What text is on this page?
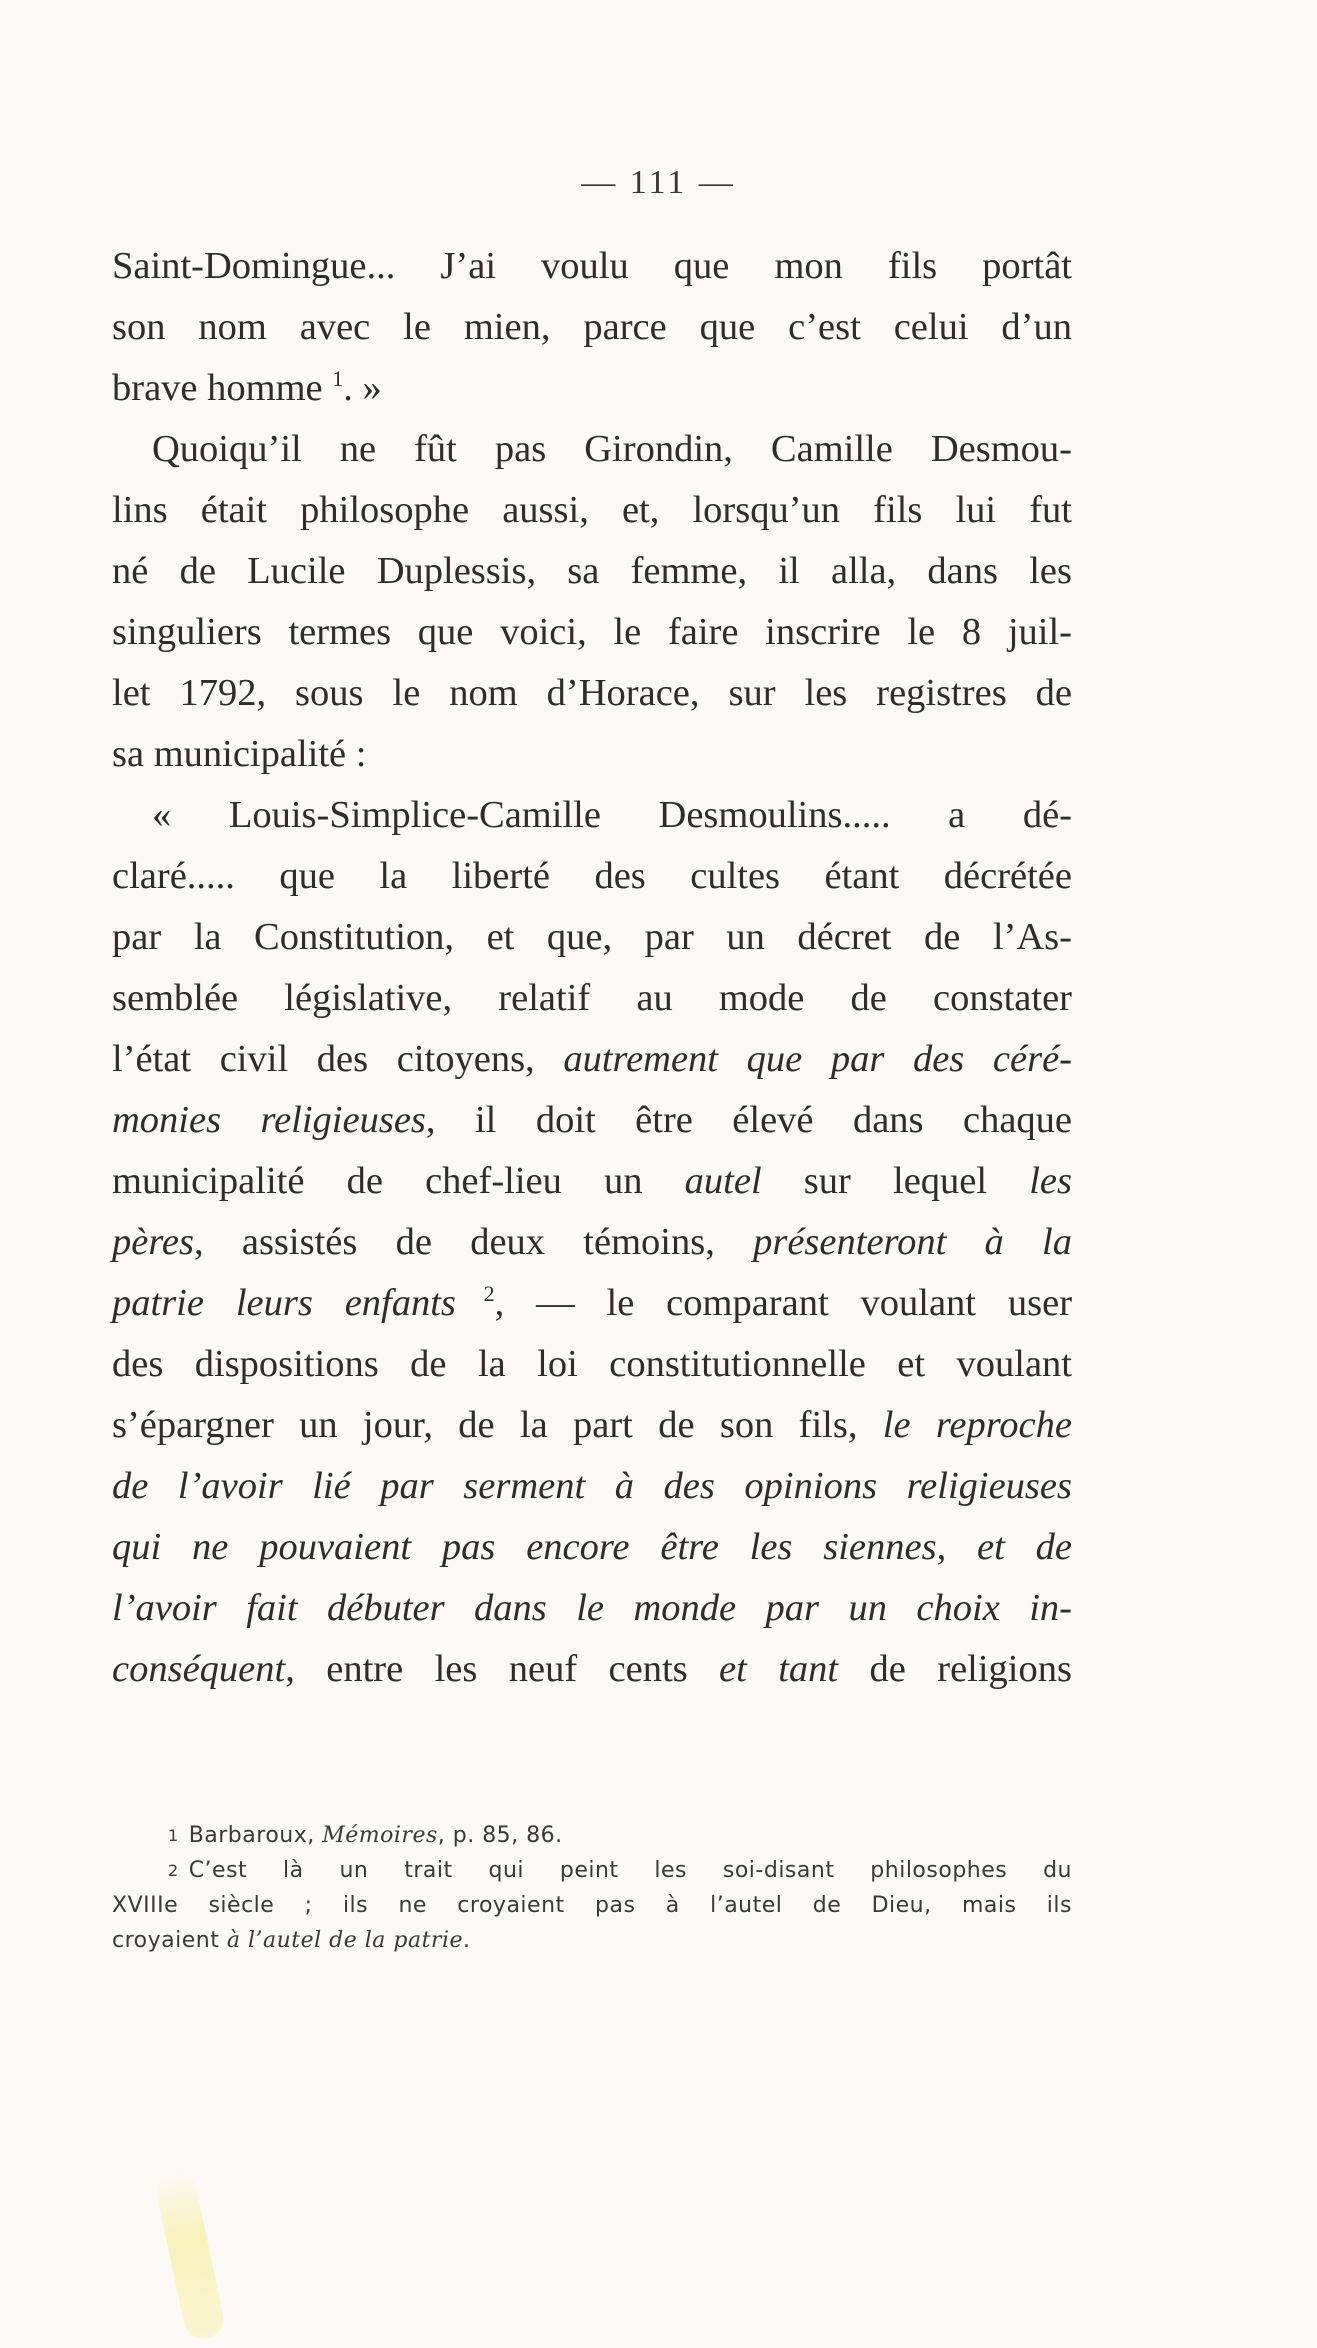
— 111 —
Saint-Domingue... J’ai voulu que mon fils portât
son nom avec le mien, parce que c’est celui d’un
brave homme $^1$. »
Quoiqu’il ne fût pas Girondin, Camille Desmou-
lins était philosophe aussi, et, lorsqu’un fils lui fut
né de Lucile Duplessis, sa femme, il alla, dans les
singuliers termes que voici, le faire inscrire le 8 juil-
let 1792, sous le nom d’Horace, sur les registres de
sa municipalité :
« Louis-Simplice-Camille Desmoulins..... a dé-
claré..... que la liberté des cultes étant décrétée
par la Constitution, et que, par un décret de l’As-
semblée législative, relatif au mode de constater
l’état civil des citoyens, autrement que par des céré-
monies religieuses, il doit être élevé dans chaque
municipalité de chef-lieu un autel sur lequel les
pères, assistés de deux témoins, présenteront à la
patrie leurs enfants $^2$, — le comparant voulant user
des dispositions de la loi constitutionnelle et voulant
s’épargner un jour, de la part de son fils, le reproche
de l’avoir lié par serment à des opinions religieuses
qui ne pouvaient pas encore être les siennes, et de
l’avoir fait débuter dans le monde par un choix in-
conséquent, entre les neuf cents et tant de religions
$^1$ Barbaroux, Mémoires, p. 85, 86.
$^2$ C’est là un trait qui peint les soi-disant philosophes du
XVIIIe siècle ; ils ne croyaient pas à l’autel de Dieu, mais ils
croyaient à l’autel de la patrie.
